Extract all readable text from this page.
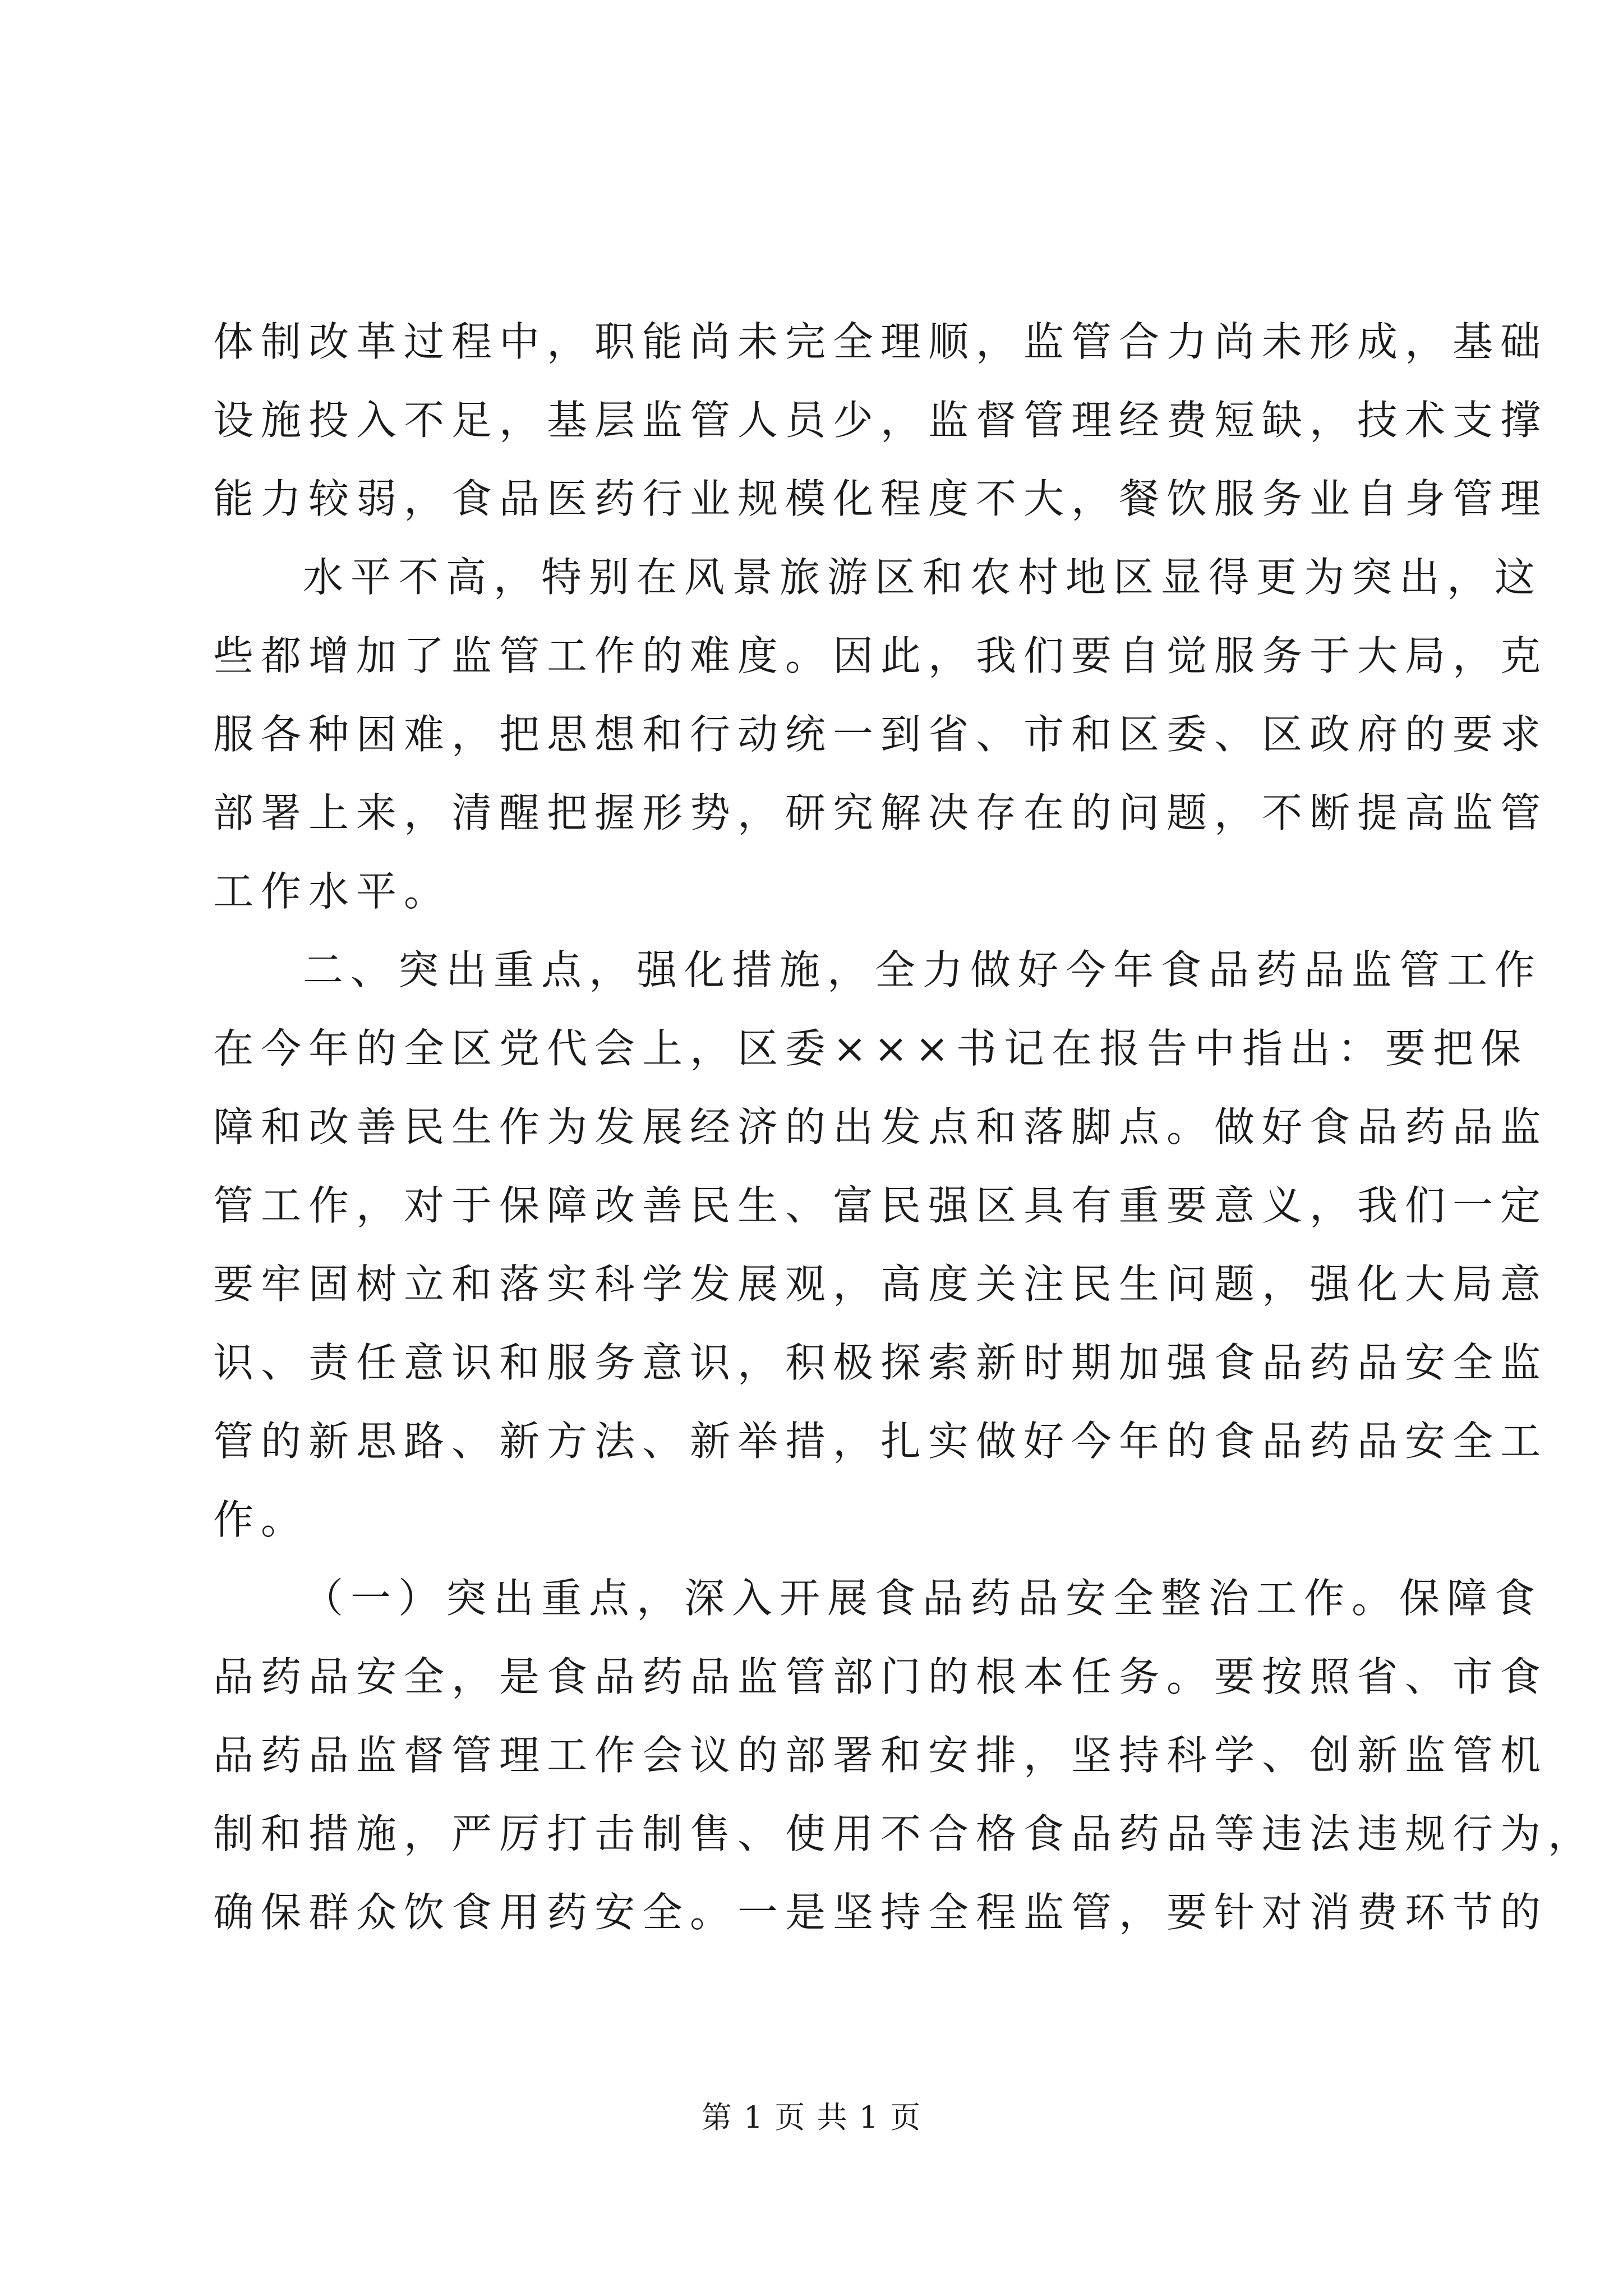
体制改革过程中，职能尚未完全理顺，监管合力尚未形成，基础
设施投入不足，基层监管人员少，监督管理经费短缺，技术支撑
能力较弱，食品医药行业规模化程度不大，餐饮服务业自身管理
水平不高，特别在风景旅游区和农村地区显得更为突出，这
些都增加了监管工作的难度。因此，我们要自觉服务于大局，克
服各种困难，把思想和行动统一到省、市和区委、区政府的要求
部署上来，清醒把握形势，研究解决存在的问题，不断提高监管
工作水平。
二、突出重点，强化措施，全力做好今年食品药品监管工作
在今年的全区党代会上，区委×××书记在报告中指出：要把保
障和改善民生作为发展经济的出发点和落脚点。做好食品药品监
管工作，对于保障改善民生、富民强区具有重要意义，我们一定
要牢固树立和落实科学发展观，高度关注民生问题，强化大局意
识、责任意识和服务意识，积极探索新时期加强食品药品安全监
管的新思路、新方法、新举措，扎实做好今年的食品药品安全工
作。
（一）突出重点，深入开展食品药品安全整治工作。保障食
品药品安全，是食品药品监管部门的根本任务。要按照省、市食
品药品监督管理工作会议的部署和安排，坚持科学、创新监管机
制和措施，严厉打击制售、使用不合格食品药品等违法违规行为，
确保群众饮食用药安全。一是坚持全程监管，要针对消费环节的
第 1 页 共 1 页
